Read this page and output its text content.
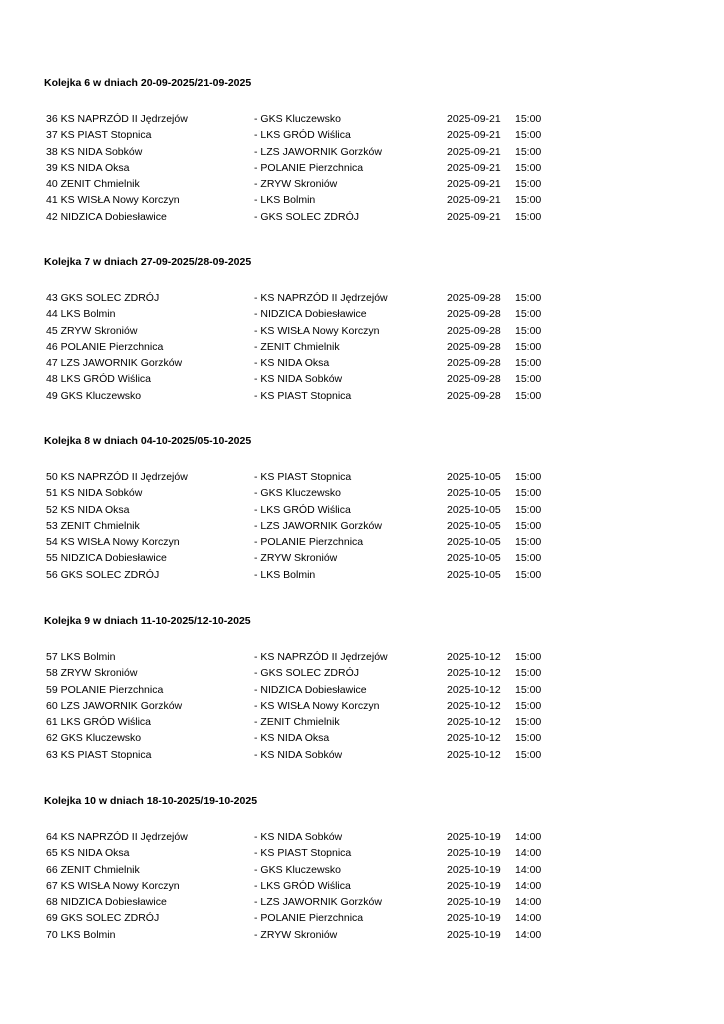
Kolejka 6 w dniach 20-09-2025/21-09-2025
36 KS NAPRZÓD II Jędrzejów	- GKS Kluczewsko	2025-09-21 15:00
37 KS PIAST Stopnica	- LKS GRÓD Wiślica	2025-09-21 15:00
38 KS NIDA Sobków	- LZS JAWORNIK Gorzków	2025-09-21 15:00
39 KS NIDA Oksa	- POLANIE Pierzchnica	2025-09-21 15:00
40 ZENIT Chmielnik	- ZRYW Skroniów	2025-09-21 15:00
41 KS WISŁA Nowy Korczyn	- LKS Bolmin	2025-09-21 15:00
42 NIDZICA Dobiesławice	- GKS SOLEC ZDRÓJ	2025-09-21 15:00
Kolejka 7 w dniach 27-09-2025/28-09-2025
43 GKS SOLEC ZDRÓJ	- KS NAPRZÓD II Jędrzejów	2025-09-28 15:00
44 LKS Bolmin	- NIDZICA Dobiesławice	2025-09-28 15:00
45 ZRYW Skroniów	- KS WISŁA Nowy Korczyn	2025-09-28 15:00
46 POLANIE Pierzchnica	- ZENIT Chmielnik	2025-09-28 15:00
47 LZS JAWORNIK Gorzków	- KS NIDA Oksa	2025-09-28 15:00
48 LKS GRÓD Wiślica	- KS NIDA Sobków	2025-09-28 15:00
49 GKS Kluczewsko	- KS PIAST Stopnica	2025-09-28 15:00
Kolejka 8 w dniach 04-10-2025/05-10-2025
50 KS NAPRZÓD II Jędrzejów	- KS PIAST Stopnica	2025-10-05 15:00
51 KS NIDA Sobków	- GKS Kluczewsko	2025-10-05 15:00
52 KS NIDA Oksa	- LKS GRÓD Wiślica	2025-10-05 15:00
53 ZENIT Chmielnik	- LZS JAWORNIK Gorzków	2025-10-05 15:00
54 KS WISŁA Nowy Korczyn	- POLANIE Pierzchnica	2025-10-05 15:00
55 NIDZICA Dobiesławice	- ZRYW Skroniów	2025-10-05 15:00
56 GKS SOLEC ZDRÓJ	- LKS Bolmin	2025-10-05 15:00
Kolejka 9 w dniach 11-10-2025/12-10-2025
57 LKS Bolmin	- KS NAPRZÓD II Jędrzejów	2025-10-12 15:00
58 ZRYW Skroniów	- GKS SOLEC ZDRÓJ	2025-10-12 15:00
59 POLANIE Pierzchnica	- NIDZICA Dobiesławice	2025-10-12 15:00
60 LZS JAWORNIK Gorzków	- KS WISŁA Nowy Korczyn	2025-10-12 15:00
61 LKS GRÓD Wiślica	- ZENIT Chmielnik	2025-10-12 15:00
62 GKS Kluczewsko	- KS NIDA Oksa	2025-10-12 15:00
63 KS PIAST Stopnica	- KS NIDA Sobków	2025-10-12 15:00
Kolejka 10 w dniach 18-10-2025/19-10-2025
64 KS NAPRZÓD II Jędrzejów	- KS NIDA Sobków	2025-10-19 14:00
65 KS NIDA Oksa	- KS PIAST Stopnica	2025-10-19 14:00
66 ZENIT Chmielnik	- GKS Kluczewsko	2025-10-19 14:00
67 KS WISŁA Nowy Korczyn	- LKS GRÓD Wiślica	2025-10-19 14:00
68 NIDZICA Dobiesławice	- LZS JAWORNIK Gorzków	2025-10-19 14:00
69 GKS SOLEC ZDRÓJ	- POLANIE Pierzchnica	2025-10-19 14:00
70 LKS Bolmin	- ZRYW Skroniów	2025-10-19 14:00
